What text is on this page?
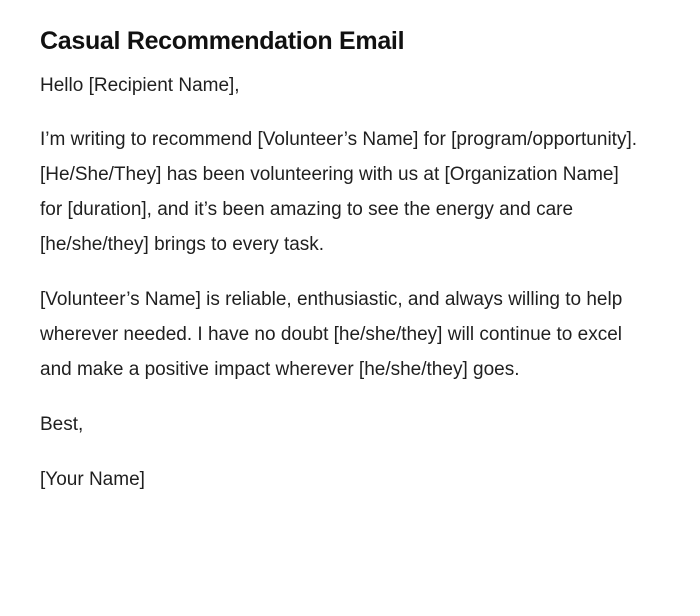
Casual Recommendation Email

Hello [Recipient Name],

I’m writing to recommend [Volunteer’s Name] for [program/opportunity]. [He/She/They] has been volunteering with us at [Organization Name] for [duration], and it’s been amazing to see the energy and care [he/she/they] brings to every task.

[Volunteer’s Name] is reliable, enthusiastic, and always willing to help wherever needed. I have no doubt [he/she/they] will continue to excel and make a positive impact wherever [he/she/they] goes.

Best,

[Your Name]
